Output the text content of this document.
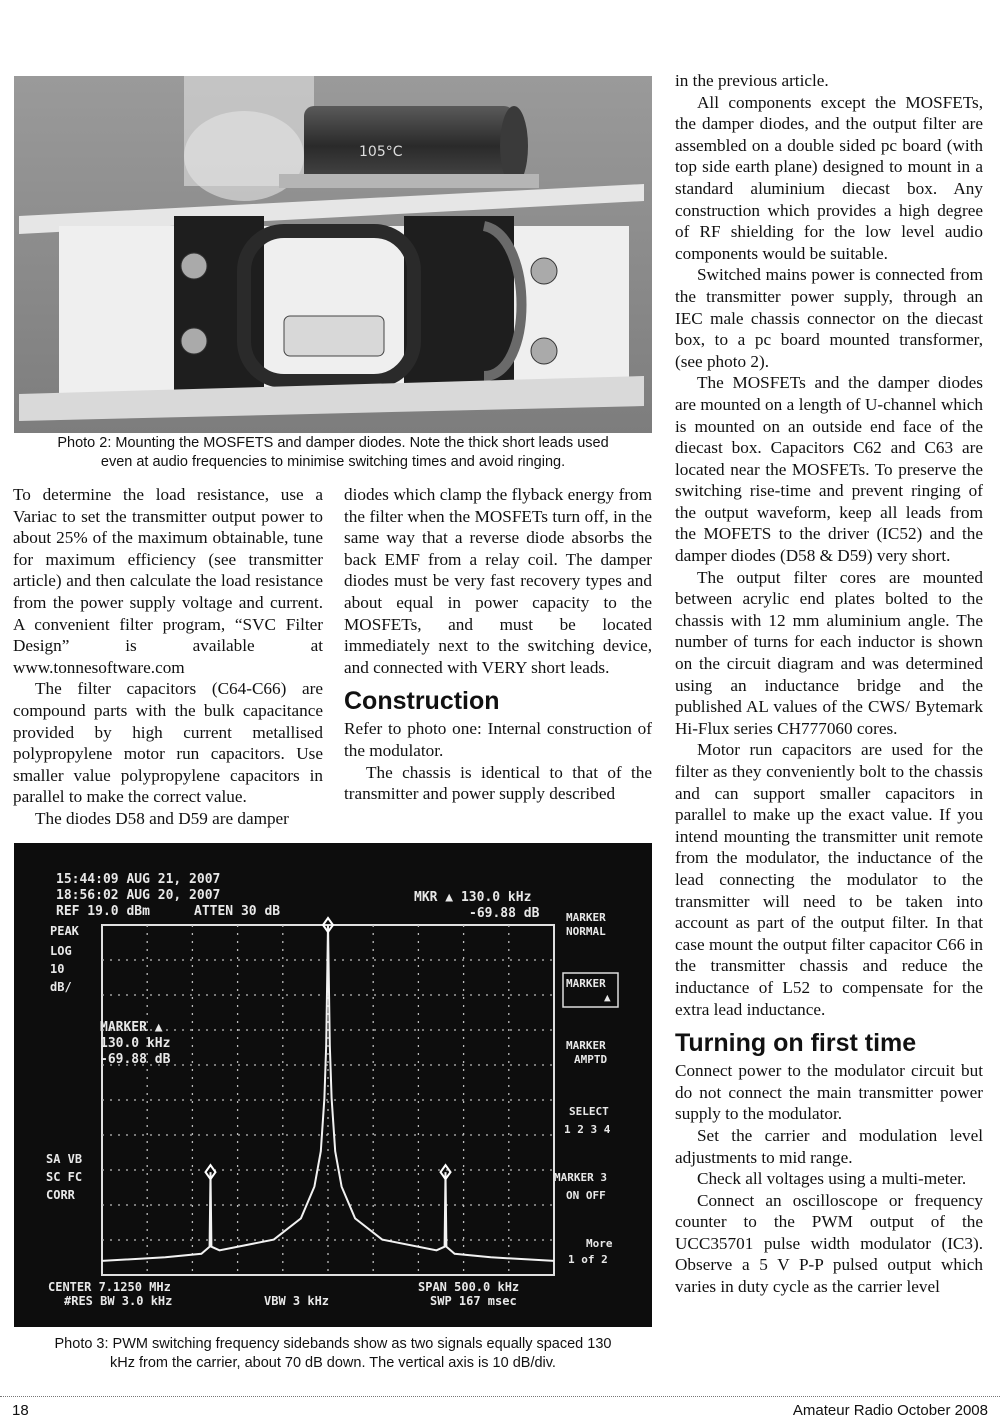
105°C
Photo 2: Mounting the MOSFETS and damper diodes. Note the thick short leads used
even at audio frequencies to minimise switching times and avoid ringing.

To determine the load resistance, use a Variac to set the transmitter output power to about 25% of the maximum obtainable, tune for maximum efficiency (see transmitter article) and then calculate the load resistance from the power supply voltage and current. A convenient filter program, “SVC Filter Design” is available at www.tonnesoftware.com

The filter capacitors (C64-C66) are compound parts with the bulk capacitance provided by high current metallised polypropylene motor run capacitors. Use smaller value polypropylene capacitors in parallel to make the correct value.

The diodes D58 and D59 are damper

diodes which clamp the flyback energy from the filter when the MOSFETs turn off, in the same way that a reverse diode absorbs the back EMF from a relay coil. The damper diodes must be very fast recovery types and about equal in power capacity to the MOSFETs, and must be located immediately next to the switching device, and connected with VERY short leads.

Construction

Refer to photo one: Internal construction of the modulator.

The chassis is identical to that of the transmitter and power supply described

in the previous article.

All components except the MOSFETs, the damper diodes, and the output filter are assembled on a double sided pc board (with top side earth plane) designed to mount in a standard aluminium diecast box. Any construction which provides a high degree of RF shielding for the low level audio components would be suitable.

Switched mains power is connected from the transmitter power supply, through an IEC male chassis connector on the diecast box, to a pc board mounted transformer, (see photo 2).

The MOSFETs and the damper diodes are mounted on a length of U-channel which is mounted on an outside end face of the diecast box. Capacitors C62 and C63 are located near the MOSFETs. To preserve the switching rise-time and prevent ringing of the output waveform, keep all leads from the MOFETS to the driver (IC52) and the damper diodes (D58 & D59) very short.

The output filter cores are mounted between acrylic end plates bolted to the chassis with 12 mm aluminium angle. The number of turns for each inductor is shown on the circuit diagram and was determined using an inductance bridge and the published AL values of the CWS/ Bytemark Hi-Flux series CH777060 cores.

Motor run capacitors are used for the filter as they conveniently bolt to the chassis and can support smaller capacitors in parallel to make up the exact value. If you intend mounting the transmitter unit remote from the modulator, the inductance of the lead connecting the modulator to the transmitter will need to be taken into account as part of the output filter. In that case mount the output filter capacitor C66 in the transmitter chassis and reduce the inductance of L52 to compensate for the extra lead inductance.

Turning on first time

Connect power to the modulator circuit but do not connect the main transmitter power supply to the modulator.

Set the carrier and modulation level adjustments to mid range.

Check all voltages using a multi-meter.

Connect an oscilloscope or frequency counter to the PWM output of the UCC35701 pulse width modulator (IC3). Observe a 5 V P-P pulsed output which varies in duty cycle as the carrier level

15:44:09 AUG 21, 2007
18:56:02 AUG 20, 2007
REF 19.0 dBm	ATTEN 30 dB
MKR ▲ 130.0 kHz
-69.88 dB
PEAK
LOG
10
dB/
SA VB
SC FC
CORR
MARKER ▲
130.0 kHz
-69.88 dB
CENTER 7.1250 MHz
#RES BW 3.0 kHz	VBW 3 kHz
SPAN 500.0 kHz
SWP 167 msec
MARKER
NORMAL
MARKER
▲
MARKER
AMPTD
SELECT
1 2 3 4
MARKER 3
ON OFF
More
1 of 2
Photo 3: PWM switching frequency sidebands show as two signals equally spaced 130
kHz from the carrier, about 70 dB down. The vertical axis is 10 dB/div.
18	Amateur Radio October 2008
